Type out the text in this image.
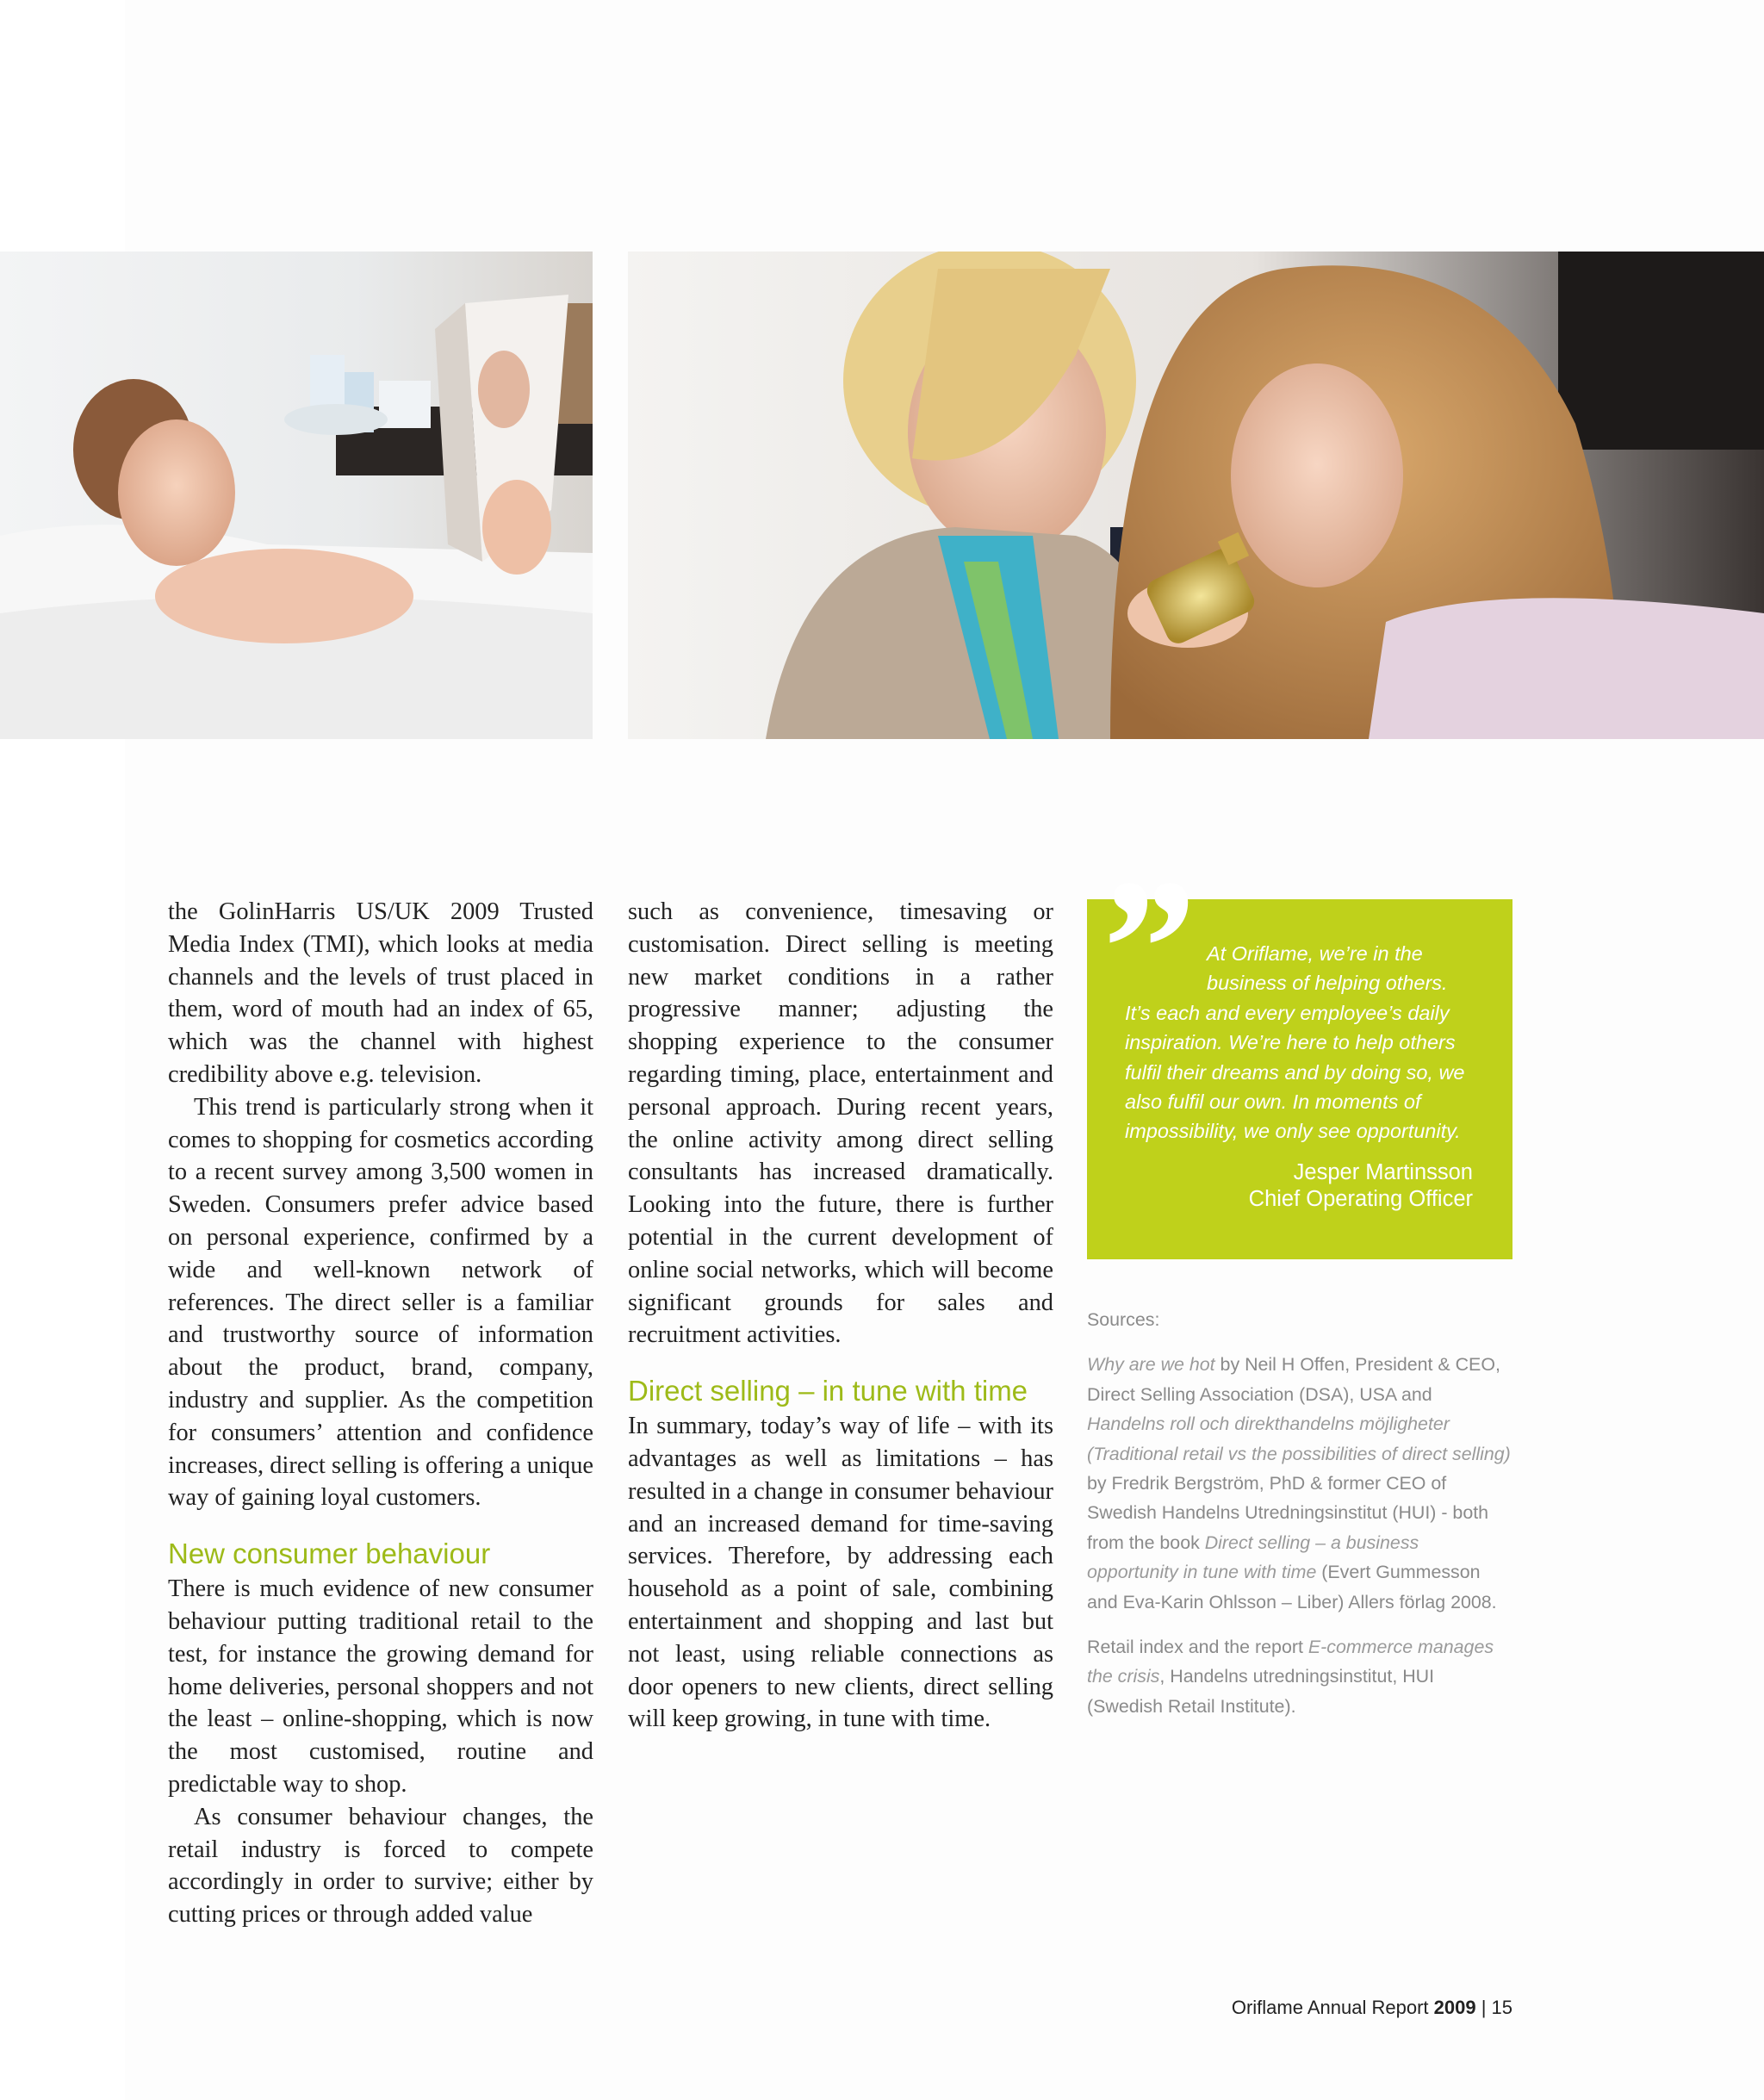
the GolinHarris US/UK 2009 Trusted Media Index (TMI), which looks at media channels and the levels of trust placed in them, word of mouth had an index of 65, which was the channel with highest credibility above e.g. television.

This trend is particularly strong when it comes to shopping for cosmetics according to a recent survey among 3,500 women in Sweden. Consumers prefer advice based on personal experience, confirmed by a wide and well-known network of references. The direct seller is a familiar and trustworthy source of information about the product, brand, company, industry and supplier. As the competition for consumers’ attention and confidence increases, direct selling is offering a unique way of gaining loyal customers.

New consumer behaviour

There is much evidence of new consumer behaviour putting traditional retail to the test, for instance the growing demand for home deliveries, personal shoppers and not the least – online-shopping, which is now the most customised, routine and predictable way to shop.

As consumer behaviour changes, the retail industry is forced to compete accordingly in order to survive; either by cutting prices or through added value

such as convenience, timesaving or customisation. Direct selling is meeting new market conditions in a rather progressive manner; adjusting the shopping experience to the consumer regarding timing, place, entertainment and personal approach. During recent years, the online activity among direct selling consultants has increased dramatically. Looking into the future, there is further potential in the current development of online social networks, which will become significant grounds for sales and recruitment activities.

Direct selling – in tune with time

In summary, today’s way of life – with its advantages as well as limitations – has resulted in a change in consumer behaviour and an increased demand for time-saving services. Therefore, by addressing each household as a point of sale, combining entertainment and shopping and last but not least, using reliable connections as door openers to new clients, direct selling will keep growing, in tune with time.

”	At Oriflame, we’re in the
business of helping others.
It’s each and every employee’s daily inspiration. We’re here to help others fulfil their dreams and by doing so, we also fulfil our own. In moments of impossibility, we only see opportunity.
Jesper Martinsson
Chief Operating Officer

Sources:

Why are we hot by Neil H Offen, President & CEO, Direct Selling Association (DSA), USA and Handelns roll och direkthandelns möjligheter (Traditional retail vs the possibilities of direct selling) by Fredrik Bergström, PhD & former CEO of Swedish Handelns Utredningsinstitut (HUI) - both from the book Direct selling – a business opportunity in tune with time (Evert Gummesson and Eva-Karin Ohlsson – Liber) Allers förlag 2008.

Retail index and the report E-commerce manages the crisis, Handelns utredningsinstitut, HUI (Swedish Retail Institute).

Oriflame Annual Report 2009 | 15
